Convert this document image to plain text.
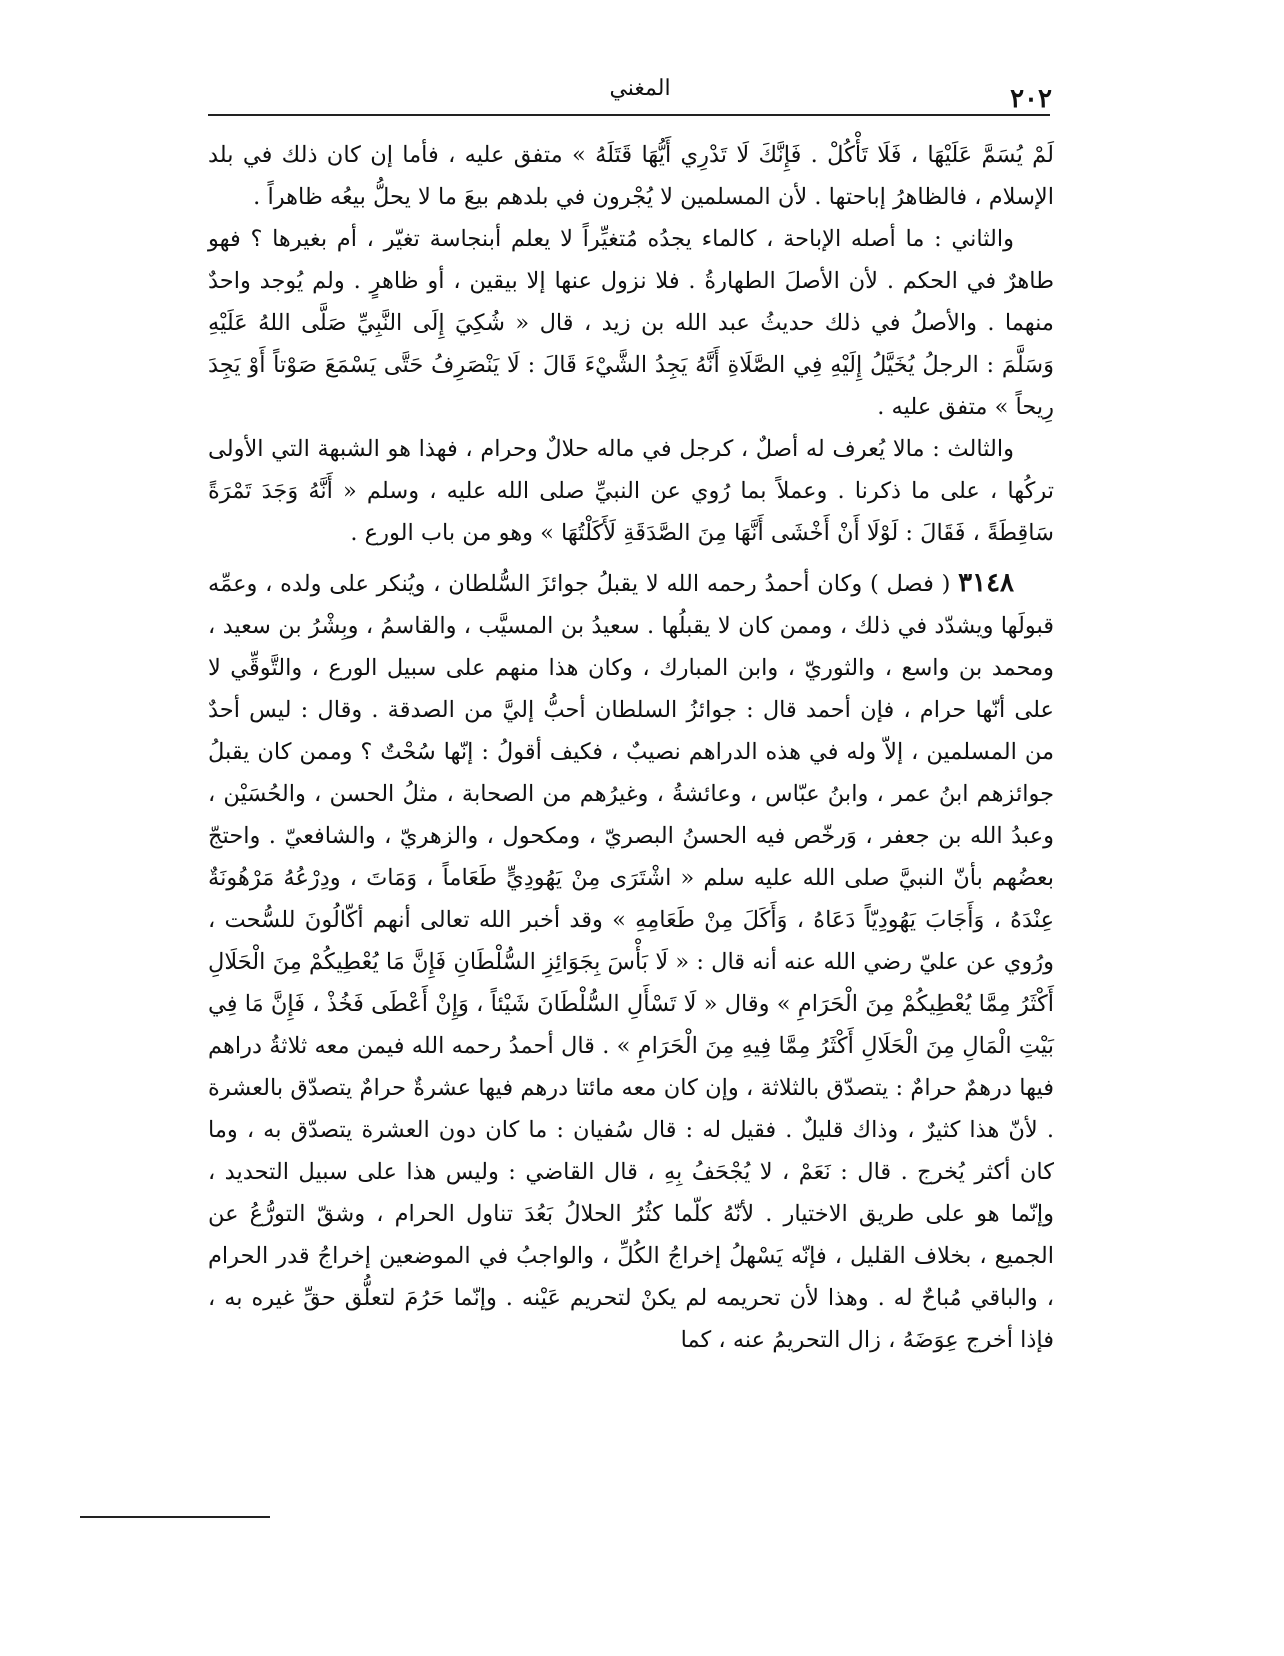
٢٠٢
المغني

لَمْ يُسَمَّ عَلَيْهَا ، فَلَا تَأْكُلْ . فَإِنَّكَ لَا تَدْرِي أَيُّهَا قَتَلَهُ » متفق عليه ، فأما إن كان ذلك في بلد الإسلام ، فالظاهرُ إباحتها . لأن المسلمين لا يُجْرون في بلدهم بيعَ ما لا يحلُّ بيعُه ظاهراً .

والثاني : ما أصله الإباحة ، كالماء يجدُه مُتغيِّراً لا يعلم أبنجاسة تغيّر ، أم بغيرها ؟ فهو طاهرٌ في الحكم . لأن الأصلَ الطهارةُ . فلا نزول عنها إلا بيقين ، أو ظاهرٍ . ولم يُوجد واحدٌ منهما . والأصلُ في ذلك حديثُ عبد الله بن زيد ، قال « شُكِيَ إِلَى النَّبِيِّ صَلَّى اللهُ عَلَيْهِ وَسَلَّمَ : الرجلُ يُخَيَّلُ إِلَيْهِ فِي الصَّلَاةِ أَنَّهُ يَجِدُ الشَّيْءَ قَالَ : لَا يَنْصَرِفُ حَتَّى يَسْمَعَ صَوْتاً أَوْ يَجِدَ رِيحاً » متفق عليه .

والثالث : مالا يُعرف له أصلٌ ، كرجل في ماله حلالٌ وحرام ، فهذا هو الشبهة التي الأولى تركُها ، على ما ذكرنا . وعملاً بما رُوي عن النبيِّ صلى الله عليه ، وسلم « أَنَّهُ وَجَدَ تَمْرَةً سَاقِطَةً ، فَقَالَ : لَوْلَا أَنْ أَخْشَى أَنَّهَا مِنَ الصَّدَقَةِ لَأَكَلْتُهَا » وهو من باب الورع .

٣١٤٨ ( فصل ) وكان أحمدُ رحمه الله لا يقبلُ جوائزَ السُّلطان ، ويُنكر على ولده ، وعمِّه قبولَها ويشدّد في ذلك ، وممن كان لا يقبلُها . سعيدُ بن المسيَّب ، والقاسمُ ، وبِشْرُ بن سعيد ، ومحمد بن واسع ، والثوريّ ، وابن المبارك ، وكان هذا منهم على سبيل الورع ، والتَّوقِّي لا على أنّها حرام ، فإن أحمد قال : جوائزُ السلطان أحبُّ إليَّ من الصدقة . وقال : ليس أحدٌ من المسلمين ، إلاّ وله في هذه الدراهم نصيبٌ ، فكيف أقولُ : إنّها سُحْتٌ ؟ وممن كان يقبلُ جوائزهم ابنُ عمر ، وابنُ عبّاس ، وعائشةُ ، وغيرُهم من الصحابة ، مثلُ الحسن ، والحُسَيْن ، وعبدُ الله بن جعفر ، وَرخّص فيه الحسنُ البصريّ ، ومكحول ، والزهريّ ، والشافعيّ . واحتجّ بعضُهم بأنّ النبيَّ صلى الله عليه سلم « اشْتَرَى مِنْ يَهُودِيٍّ طَعَاماً ، وَمَاتَ ، ودِرْعُهُ مَرْهُونَةٌ عِنْدَهُ ، وَأَجَابَ يَهُودِيّاً دَعَاهُ ، وَأَكَلَ مِنْ طَعَامِهِ » وقد أخبر الله تعالى أنهم أكّالُونَ للسُّحت ، ورُوي عن عليّ رضي الله عنه أنه قال : « لَا بَأْسَ بِجَوَائِزِ السُّلْطَانِ فَإِنَّ مَا يُعْطِيكُمْ مِنَ الْحَلَالِ أَكْثَرُ مِمَّا يُعْطِيكُمْ مِنَ الْحَرَامِ » وقال « لَا تَسْأَلِ السُّلْطَانَ شَيْئاً ، وَإِنْ أَعْطَى فَخُذْ ، فَإِنَّ مَا فِي بَيْتِ الْمَالِ مِنَ الْحَلَالِ أَكْثَرُ مِمَّا فِيهِ مِنَ الْحَرَامِ » . قال أحمدُ رحمه الله فيمن معه ثلاثةُ دراهم فيها درهمٌ حرامٌ : يتصدّق بالثلاثة ، وإن كان معه مائتا درهم فيها عشرةٌ حرامٌ يتصدّق بالعشرة . لأنّ هذا كثيرٌ ، وذاك قليلٌ . فقيل له : قال سُفيان : ما كان دون العشرة يتصدّق به ، وما كان أكثر يُخرج . قال : نَعَمْ ، لا يُجْحَفُ بِهِ ، قال القاضي : وليس هذا على سبيل التحديد ، وإنّما هو على طريق الاختيار . لأنّهُ كلّما كثُرُ الحلالُ بَعُدَ تناول الحرام ، وشقّ التورُّعُ عن الجميع ، بخلاف القليل ، فإنّه يَسْهلُ إخراجُ الكُلِّ ، والواجبُ في الموضعين إخراجُ قدر الحرام ، والباقي مُباحٌ له . وهذا لأن تحريمه لم يكنْ لتحريم عَيْنه . وإنّما حَرُمَ لتعلُّق حقِّ غيره به ، فإذا أخرج عِوَضَهُ ، زال التحريمُ عنه ، كما
